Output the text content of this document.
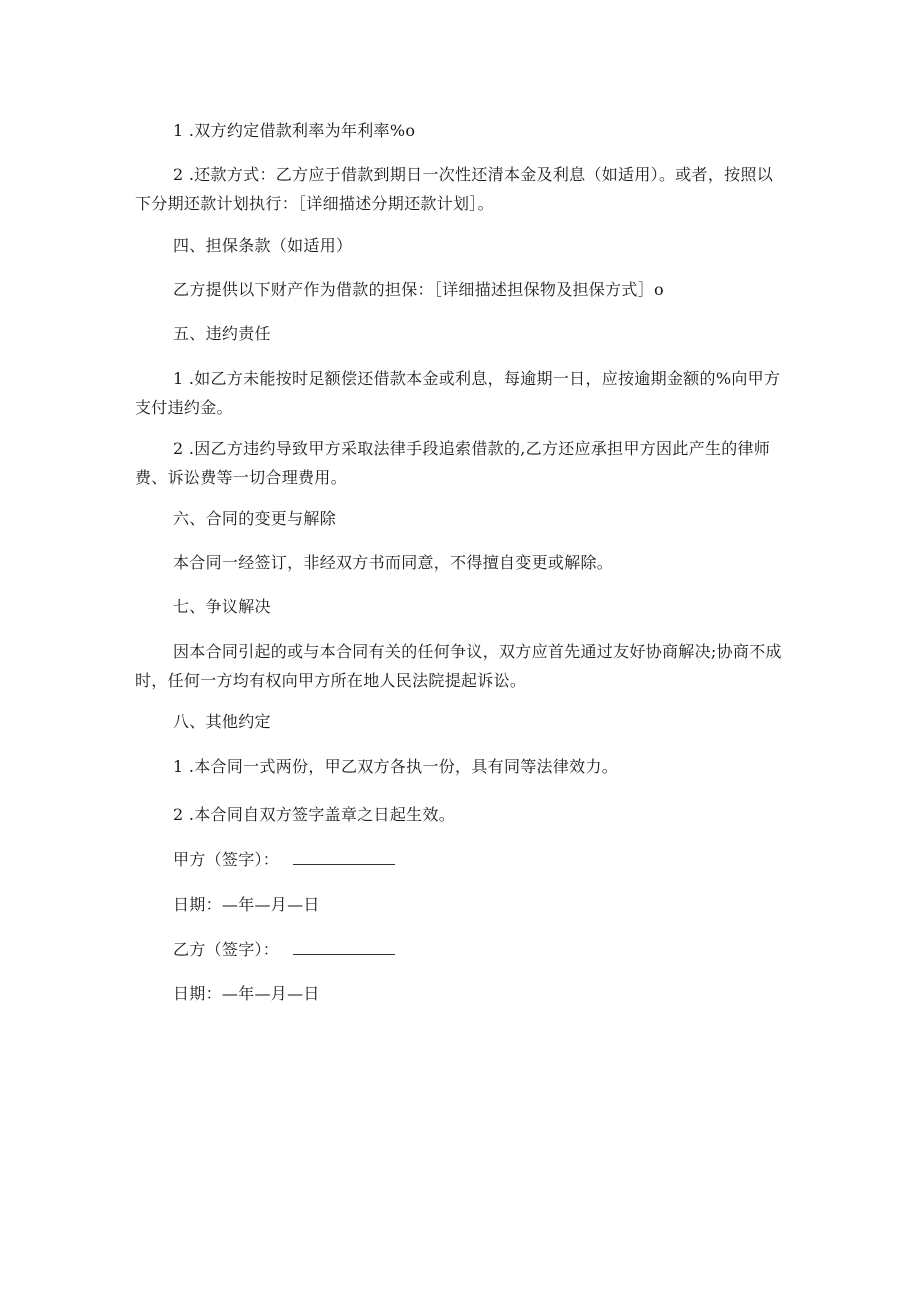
1 .双方约定借款利率为年利率%o

2 .还款方式：乙方应于借款到期日一次性还清本金及利息（如适用）。或者，按照以下分期还款计划执行：［详细描述分期还款计划］。

四、担保条款（如适用）

乙方提供以下财产作为借款的担保：［详细描述担保物及担保方式］o

五、违约责任

1 .如乙方未能按时足额偿还借款本金或利息，每逾期一日，应按逾期金额的%向甲方支付违约金。

2 .因乙方违约导致甲方采取法律手段追索借款的,乙方还应承担甲方因此产生的律师费、诉讼费等一切合理费用。

六、合同的变更与解除

本合同一经签订，非经双方书而同意，不得擅自变更或解除。

七、争议解决

因本合同引起的或与本合同有关的任何争议，双方应首先通过友好协商解决;协商不成时，任何一方均有权向甲方所在地人民法院提起诉讼。

八、其他约定

1 .本合同一式两份，甲乙双方各执一份，具有同等法律效力。

2 .本合同自双方签字盖章之日起生效。

甲方（签字）：

日期：—年—月—日

乙方（签字）：

日期：—年—月—日
